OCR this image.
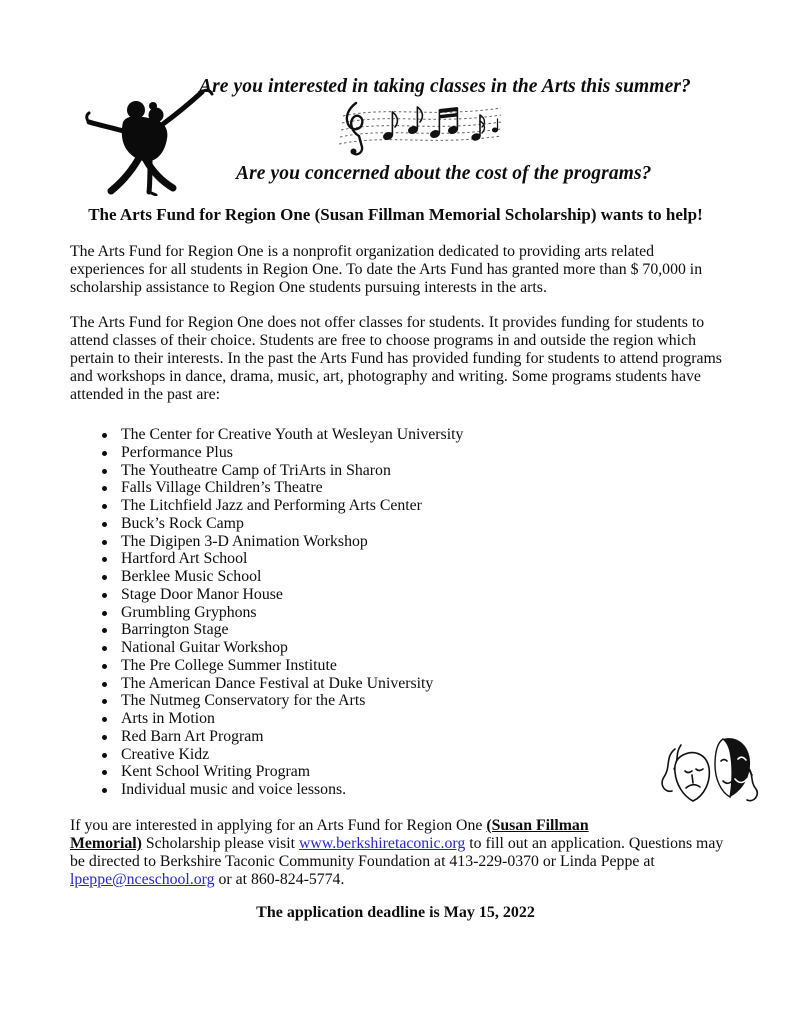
Are you interested in taking classes in the Arts this summer?
Are you concerned about the cost of the programs?
The Arts Fund for Region One (Susan Fillman Memorial Scholarship) wants to help!

The Arts Fund for Region One is a nonprofit organization dedicated to providing arts related experiences for all students in Region One. To date the Arts Fund has granted more than $ 70,000 in scholarship assistance to Region One students pursuing interests in the arts.

The Arts Fund for Region One does not offer classes for students. It provides funding for students to attend classes of their choice. Students are free to choose programs in and outside the region which pertain to their interests. In the past the Arts Fund has provided funding for students to attend programs and workshops in dance, drama, music, art, photography and writing. Some programs students have attended in the past are:

The Center for Creative Youth at Wesleyan University
Performance Plus
The Youtheatre Camp of TriArts in Sharon
Falls Village Children’s Theatre
The Litchfield Jazz and Performing Arts Center
Buck’s Rock Camp
The Digipen 3-D Animation Workshop
Hartford Art School
Berklee Music School
Stage Door Manor House
Grumbling Gryphons
Barrington Stage
National Guitar Workshop
The Pre College Summer Institute
The American Dance Festival at Duke University
The Nutmeg Conservatory for the Arts
Arts in Motion
Red Barn Art Program
Creative Kidz
Kent School Writing Program
Individual music and voice lessons.

If you are interested in applying for an Arts Fund for Region One (Susan Fillman
Memorial) Scholarship please visit www.berkshiretaconic.org to fill out an application. Questions may be directed to Berkshire Taconic Community Foundation at 413-229-0370 or Linda Peppe at lpeppe@nceschool.org or at 860-824-5774.

The application deadline is May 15, 2022
